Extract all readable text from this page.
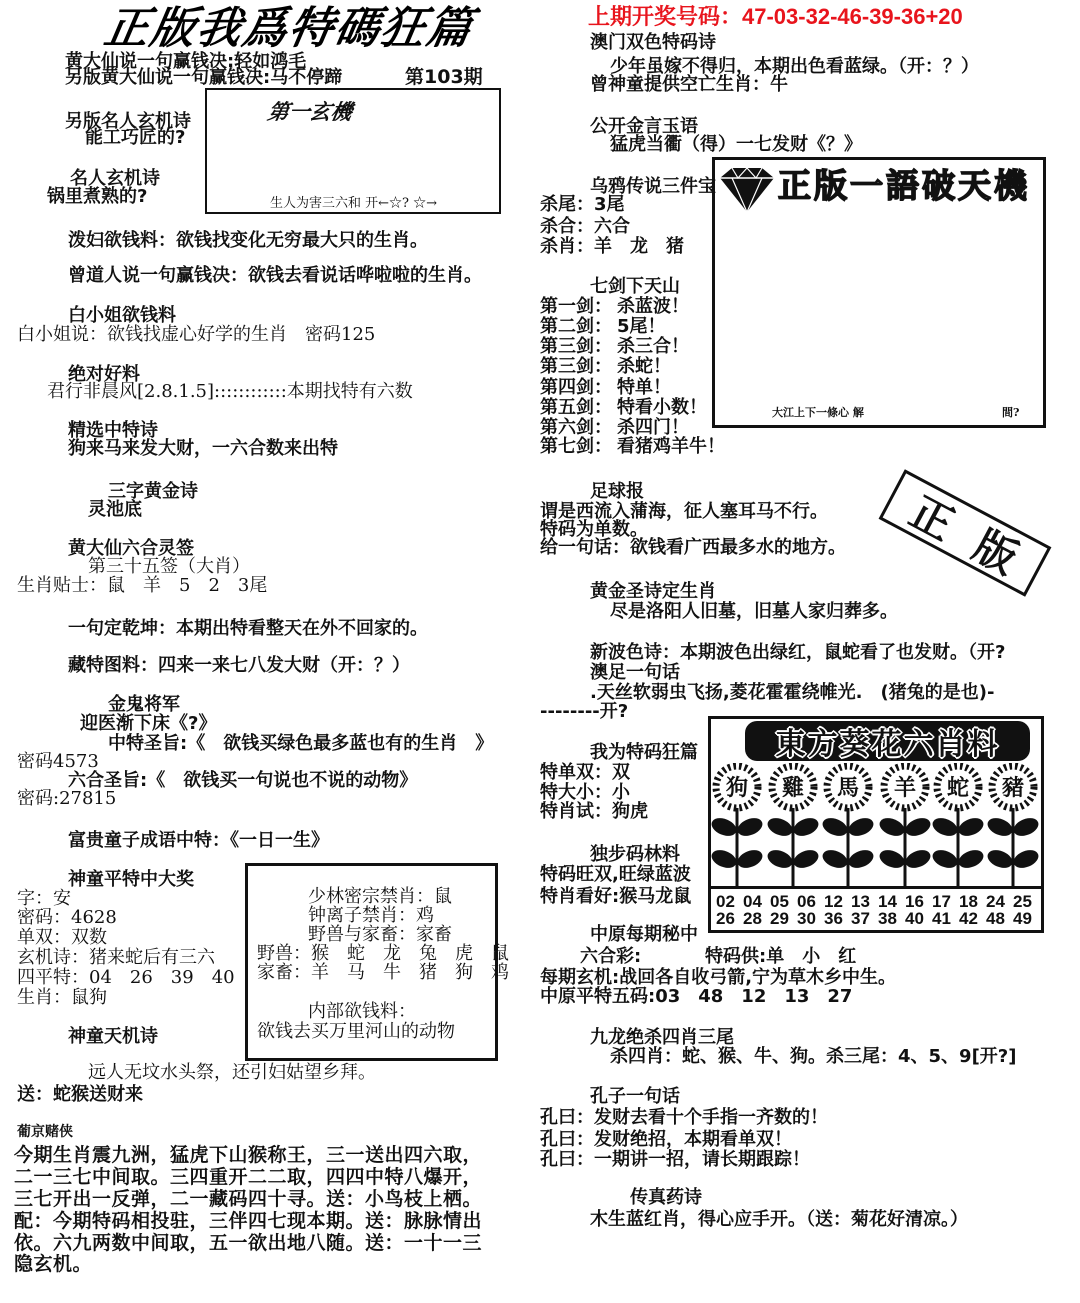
正版我爲特碼狂篇
第103期
上期开奖号码：47-03-32-46-39-36+20
黄大仙说一句赢钱决:轻如鸿毛
另版黄大仙说一句赢钱决:马不停蹄
另版名人玄机诗
能工巧匠的?
名人玄机诗
锅里煮熟的?
第一玄機
生人为害三六和 开←☆? ☆→
泼妇欲钱料：欲钱找变化无穷最大只的生肖。
曾道人说一句赢钱决：欲钱去看说话哗啦啦的生肖。
白小姐欲钱料
白小姐说：欲钱找虚心好学的生肖　密码125
绝对好料
君行非晨风[2.8.1.5]::::::::::::本期找特有六数
精选中特诗
狗来马来发大财，一六合数来出特
三字黄金诗
灵池底
黄大仙六合灵签
第三十五签（大肖）
生肖贴士：鼠　羊　5　2　3尾
一句定乾坤：本期出特看整天在外不回家的。
藏特图料：四来一来七八发大财（开：？）
金鬼将军
迎医渐下床《?》
中特圣旨:《　欲钱买绿色最多蓝也有的生肖　》
密码4573
六合圣旨:《　欲钱买一句说也不说的动物》
密码:27815
富贵童子成语中特：《一日一生》
神童平特中大奖
字：安
密码：4628
单双：双数
玄机诗：猪来蛇后有三六
四平特：04　26　39　40
生肖：鼠狗
神童天机诗
远人无坟水头祭，还引妇姑望乡拜。
送：蛇猴送财来
少林密宗禁肖：鼠
钟离子禁肖：鸡
野兽与家畜：家畜
野兽：猴　蛇　龙　兔　虎　鼠
家畜：羊　马　牛　猪　狗　鸡
内部欲钱料：
欲钱去买万里河山的动物
葡京赌侠
今期生肖震九洲，猛虎下山猴称王，三一送出四六取，
二一三七中间取。三四重开二二取，四四中特八爆开，
三七开出一反弹，二一藏码四十寻。送：小鸟枝上栖。
配：今期特码相投驻，三伴四七现本期。送：脉脉情出
依。六九两数中间取，五一欲出地八随。送：一十一三
隐玄机。
澳门双色特码诗
少年虽嫁不得归，本期出色看蓝绿。（开：？）
曾神童提供空亡生肖：牛
公开金言玉语
猛虎当衢（得）一七发财《？》
乌鸦传说三件宝
杀尾：3尾
杀合：六合
杀肖：羊　龙　猪
七剑下天山
第一剑： 杀蓝波！
第二剑： 5尾！
第三剑： 杀三合！
第三剑： 杀蛇！
第四剑： 特单！
第五剑： 特看小数！
第六剑： 杀四门！
第七剑： 看猪鸡羊牛！
正版一語破天機
大江上下一條心 解	間?
足球报
谓是西流入蒲海，征人塞耳马不行。
特码为单数。
给一句话：欲钱看广西最多水的地方。 正版
黄金圣诗定生肖
尽是洛阳人旧墓，旧墓人家归葬多。
新波色诗：本期波色出绿红，鼠蛇看了也发财。（开?
澳足一句话
.天丝软弱虫飞扬,菱花霍霍绕帷光.　(猪兔的是也)-
--------开?
我为特码狂篇
特单双：双
特大小：小
特肖试：狗虎
独步码林料
特码旺双,旺绿蓝波
特肖看好:猴马龙鼠
東方葵花六肖料
狗 雞 馬 羊 蛇 豬
02 04 05 06 12 13 14 16 17 18 24 25
26 28 29 30 36 37 38 40 41 42 48 49
中原每期秘中
六合彩:	特码供:单　小　红
每期玄机:战回各自收弓箭,宁为草木乡中生。
中原平特五码:03　48　12　13　27
九龙绝杀四肖三尾
杀四肖：蛇、猴、牛、狗。杀三尾：4、5、9[开?]
孔子一句话
孔曰：发财去看十个手指一齐数的！
孔曰：发财绝招，本期看单双！
孔曰：一期讲一招，请长期跟踪！
传真药诗
木生蓝红肖，得心应手开。（送：菊花好清凉。）
